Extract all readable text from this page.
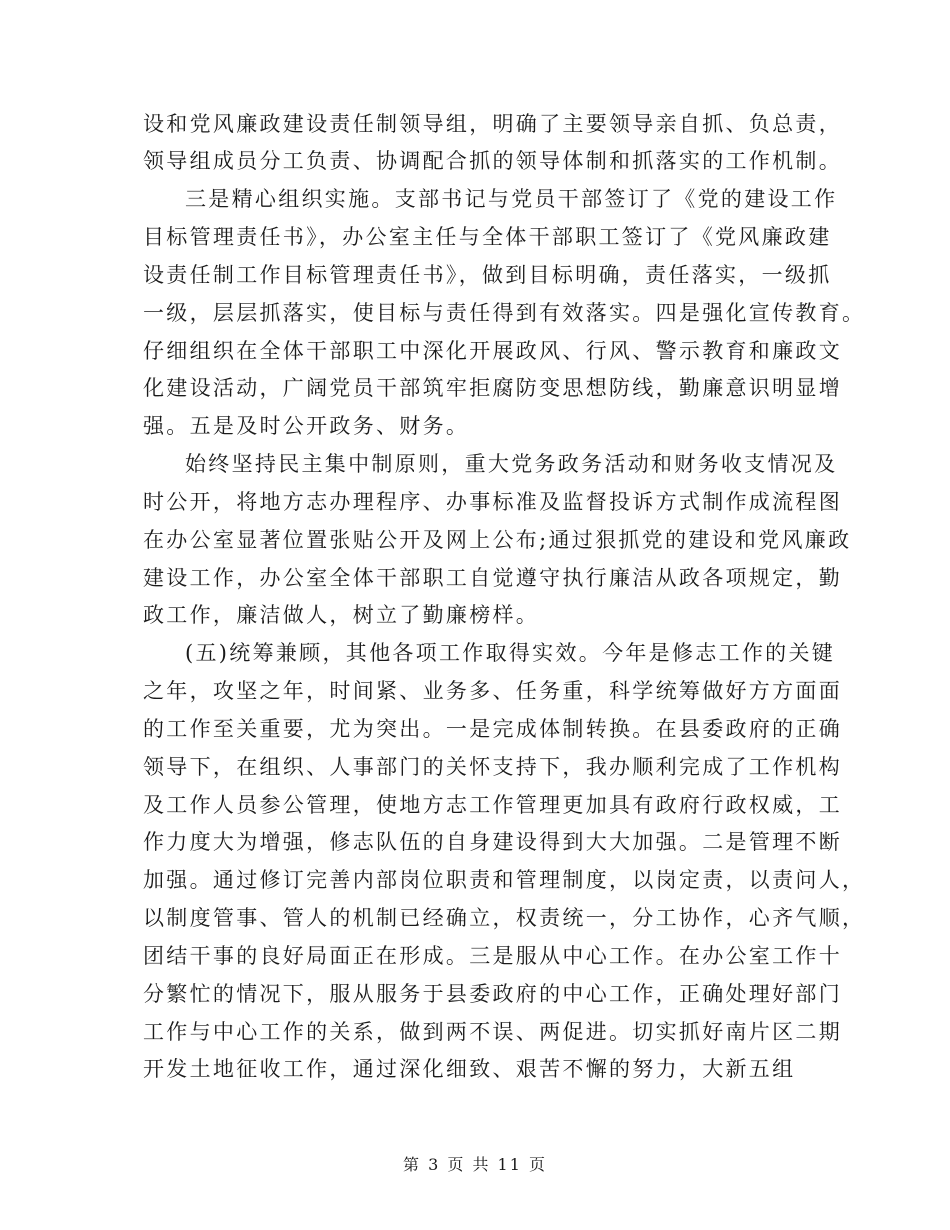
设和党风廉政建设责任制领导组，明确了主要领导亲自抓、负总责，
领导组成员分工负责、协调配合抓的领导体制和抓落实的工作机制。
三是精心组织实施。支部书记与党员干部签订了《党的建设工作
目标管理责任书》，办公室主任与全体干部职工签订了《党风廉政建
设责任制工作目标管理责任书》，做到目标明确，责任落实，一级抓
一级，层层抓落实，使目标与责任得到有效落实。四是强化宣传教育。
仔细组织在全体干部职工中深化开展政风、行风、警示教育和廉政文
化建设活动，广阔党员干部筑牢拒腐防变思想防线，勤廉意识明显增
强。五是及时公开政务、财务。
始终坚持民主集中制原则，重大党务政务活动和财务收支情况及
时公开，将地方志办理程序、办事标准及监督投诉方式制作成流程图
在办公室显著位置张贴公开及网上公布;通过狠抓党的建设和党风廉政
建设工作，办公室全体干部职工自觉遵守执行廉洁从政各项规定，勤
政工作，廉洁做人，树立了勤廉榜样。
(五)统筹兼顾，其他各项工作取得实效。今年是修志工作的关键
之年，攻坚之年，时间紧、业务多、任务重，科学统筹做好方方面面
的工作至关重要，尤为突出。一是完成体制转换。在县委政府的正确
领导下，在组织、人事部门的关怀支持下，我办顺利完成了工作机构
及工作人员参公管理，使地方志工作管理更加具有政府行政权威，工
作力度大为增强，修志队伍的自身建设得到大大加强。二是管理不断
加强。通过修订完善内部岗位职责和管理制度，以岗定责，以责问人，
以制度管事、管人的机制已经确立，权责统一，分工协作，心齐气顺，
团结干事的良好局面正在形成。三是服从中心工作。在办公室工作十
分繁忙的情况下，服从服务于县委政府的中心工作，正确处理好部门
工作与中心工作的关系，做到两不误、两促进。切实抓好南片区二期
开发土地征收工作，通过深化细致、艰苦不懈的努力，大新五组
第 3 页 共 11 页
